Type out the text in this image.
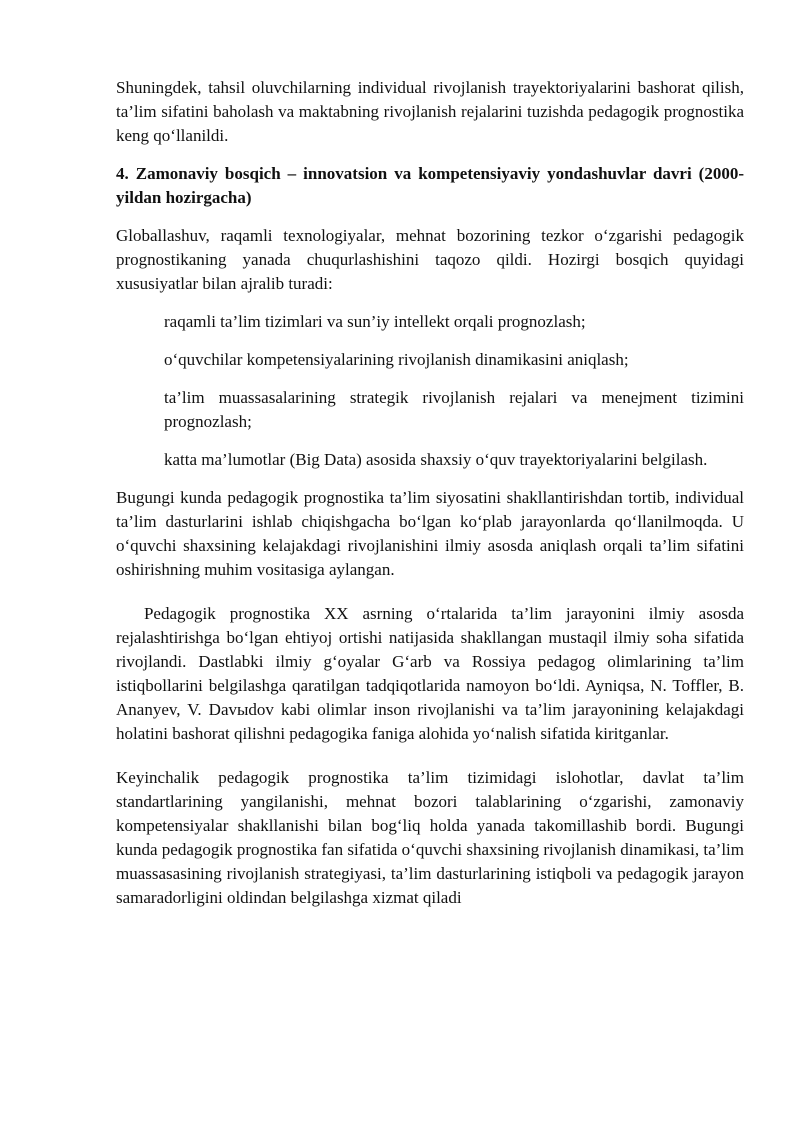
Shuningdek, tahsil oluvchilarning individual rivojlanish trayektoriyalarini bashorat qilish, ta’lim sifatini baholash va maktabning rivojlanish rejalarini tuzishda pedagogik prognostika keng qo‘llanildi.

4. Zamonaviy bosqich – innovatsion va kompetensiyaviy yondashuvlar davri (2000-yildan hozirgacha)

Globallashuv, raqamli texnologiyalar, mehnat bozorining tezkor o‘zgarishi pedagogik prognostikaning yanada chuqurlashishini taqozo qildi. Hozirgi bosqich quyidagi xususiyatlar bilan ajralib turadi:

raqamli ta’lim tizimlari va sun’iy intellekt orqali prognozlash;
o‘quvchilar kompetensiyalarining rivojlanish dinamikasini aniqlash;
ta’lim muassasalarining strategik rivojlanish rejalari va menejment tizimini prognozlash;
katta ma’lumotlar (Big Data) asosida shaxsiy o‘quv trayektoriyalarini belgilash.

Bugungi kunda pedagogik prognostika ta’lim siyosatini shakllantirishdan tortib, individual ta’lim dasturlarini ishlab chiqishgacha bo‘lgan ko‘plab jarayonlarda qo‘llanilmoqda. U o‘quvchi shaxsining kelajakdagi rivojlanishini ilmiy asosda aniqlash orqali ta’lim sifatini oshirishning muhim vositasiga aylangan.

Pedagogik prognostika XX asrning o‘rtalarida ta’lim jarayonini ilmiy asosda rejalashtirishga bo‘lgan ehtiyoj ortishi natijasida shakllangan mustaqil ilmiy soha sifatida rivojlandi. Dastlabki ilmiy g‘oyalar G‘arb va Rossiya pedagog olimlarining ta’lim istiqbollarini belgilashga qaratilgan tadqiqotlarida namoyon bo‘ldi. Ayniqsa, N. Toffler, B. Ananyev, V. Davыdov kabi olimlar inson rivojlanishi va ta’lim jarayonining kelajakdagi holatini bashorat qilishni pedagogika faniga alohida yo‘nalish sifatida kiritganlar.

Keyinchalik pedagogik prognostika ta’lim tizimidagi islohotlar, davlat ta’lim standartlarining yangilanishi, mehnat bozori talablarining o‘zgarishi, zamonaviy kompetensiyalar shakllanishi bilan bog‘liq holda yanada takomillashib bordi. Bugungi kunda pedagogik prognostika fan sifatida o‘quvchi shaxsining rivojlanish dinamikasi, ta’lim muassasasining rivojlanish strategiyasi, ta’lim dasturlarining istiqboli va pedagogik jarayon samaradorligini oldindan belgilashga xizmat qiladi
